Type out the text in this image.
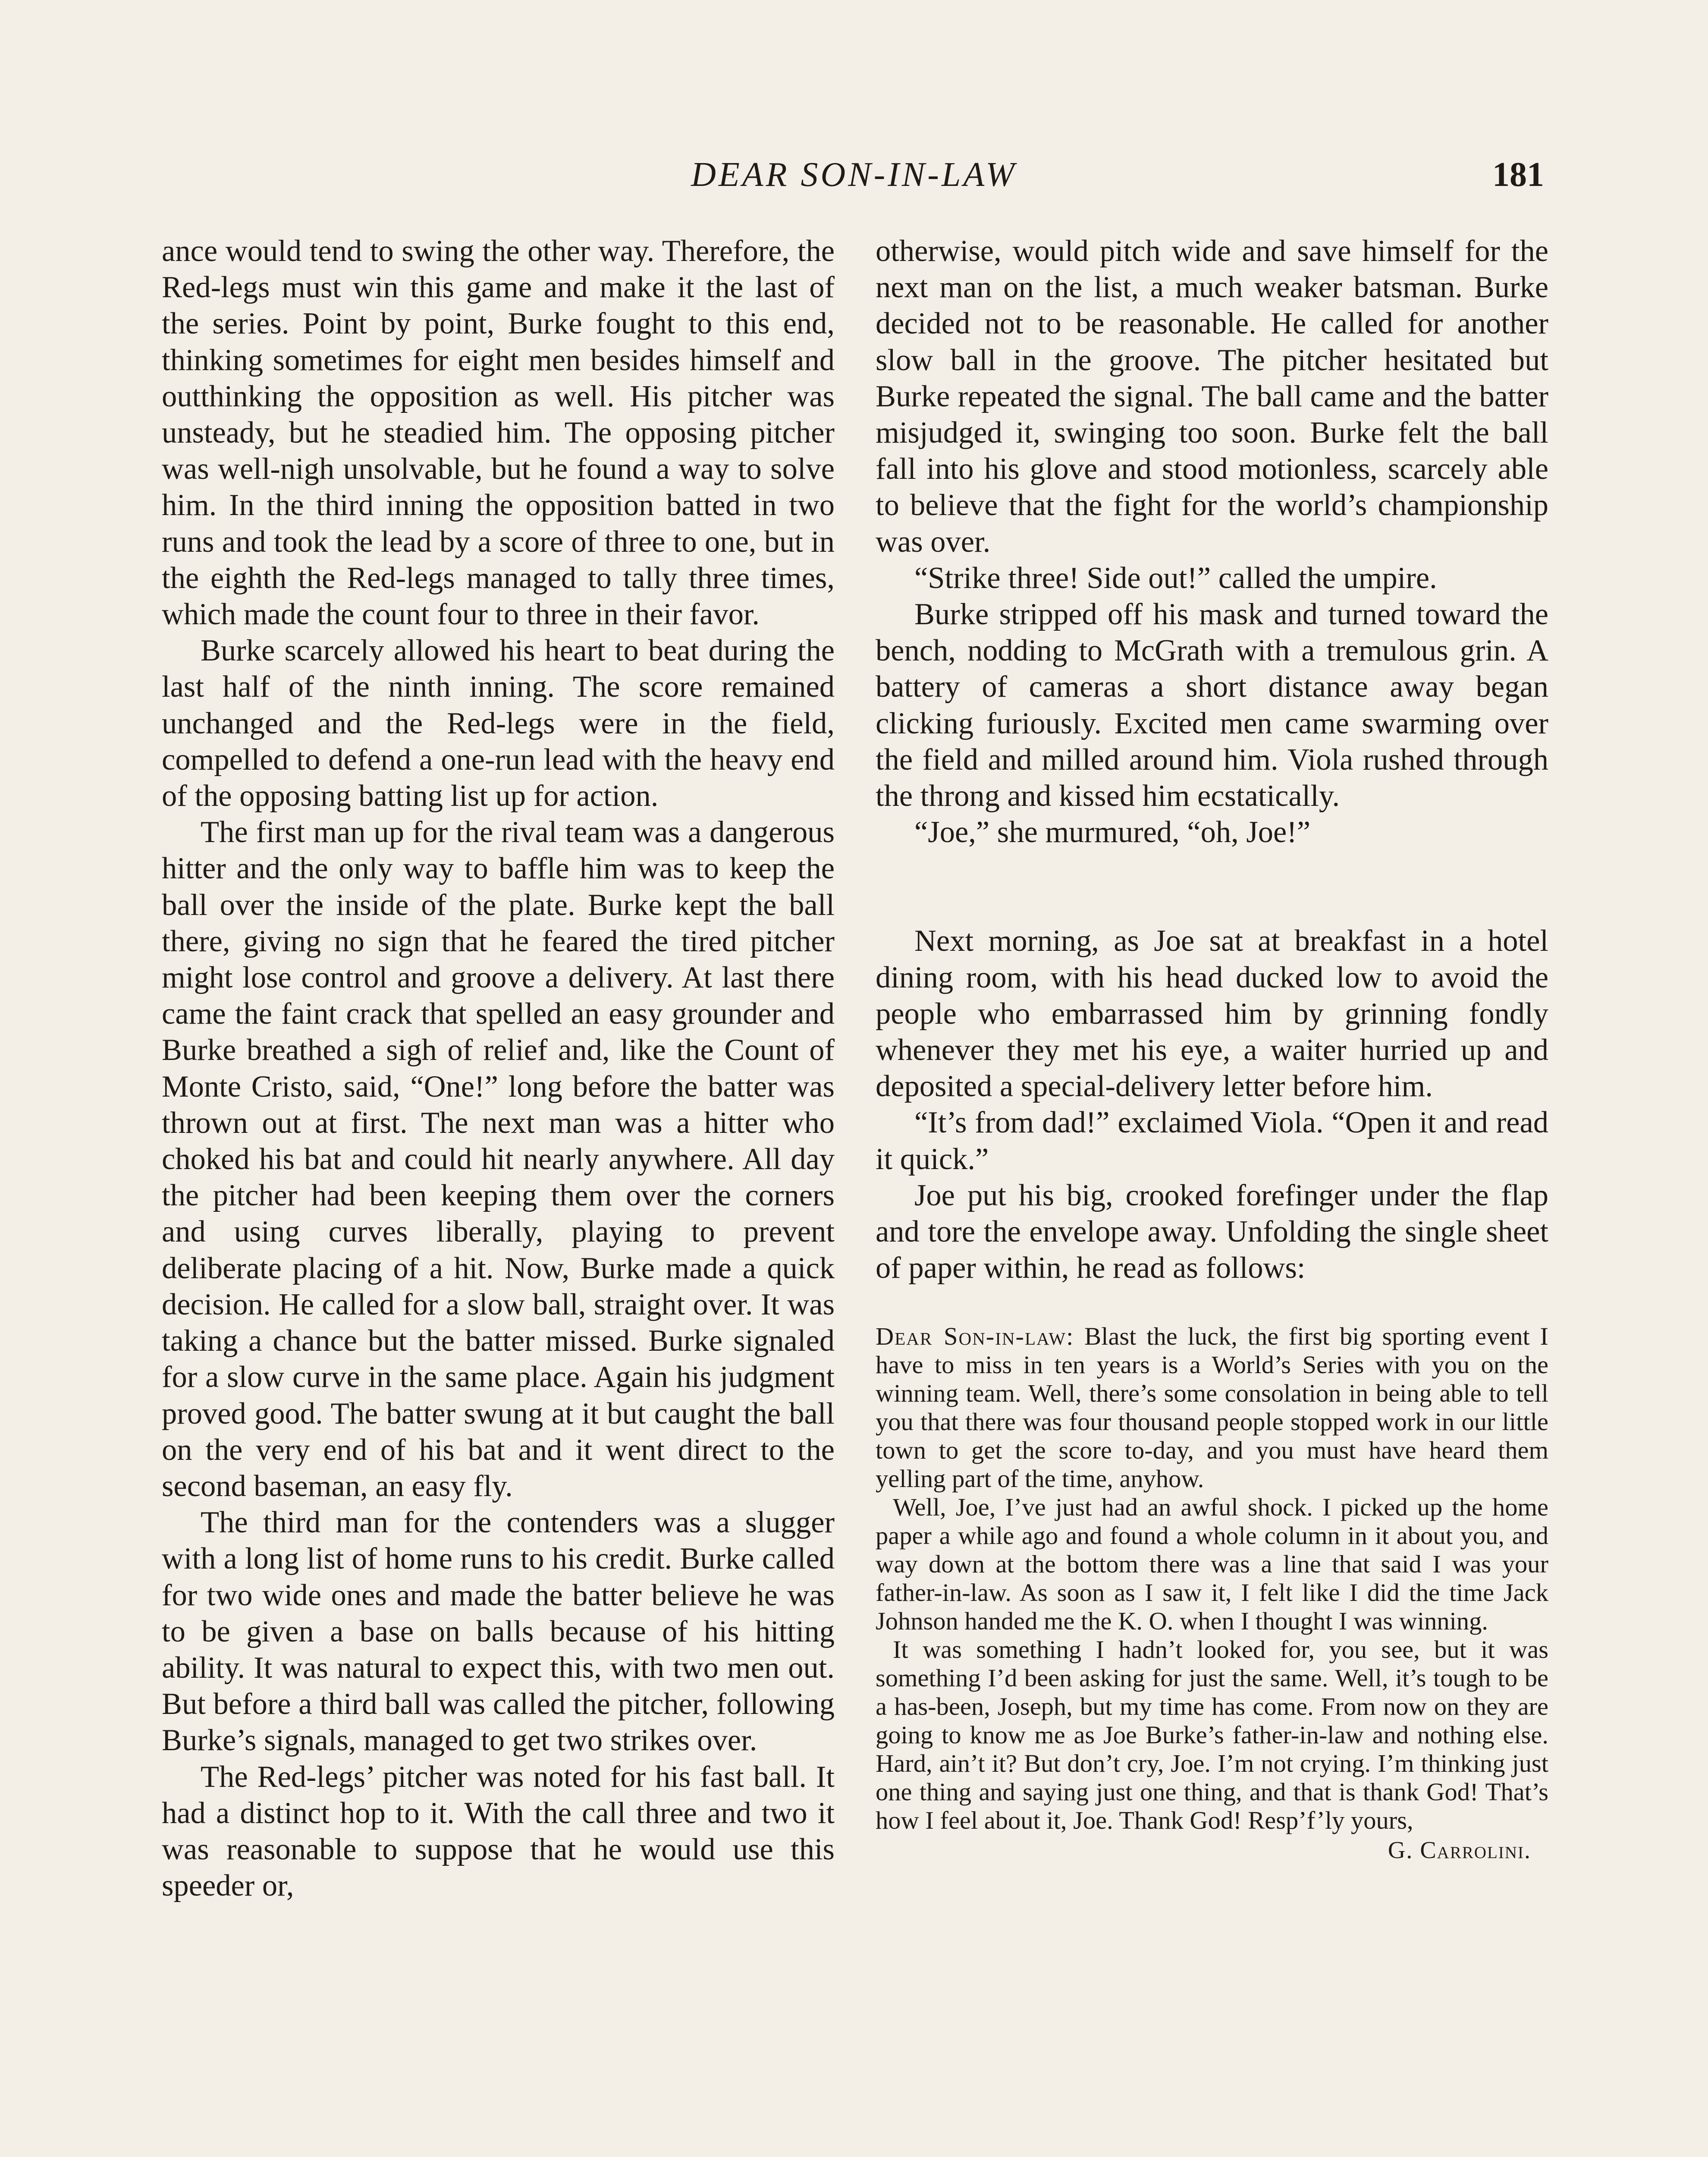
DEAR SON-IN-LAW	181

ance would tend to swing the other way. Therefore, the Red-legs must win this game and make it the last of the series. Point by point, Burke fought to this end, thinking sometimes for eight men besides himself and outthinking the opposition as well. His pitcher was unsteady, but he steadied him. The opposing pitcher was well-nigh unsolvable, but he found a way to solve him. In the third inning the opposition batted in two runs and took the lead by a score of three to one, but in the eighth the Red-legs managed to tally three times, which made the count four to three in their favor.

Burke scarcely allowed his heart to beat during the last half of the ninth inning. The score remained unchanged and the Red-legs were in the field, compelled to defend a one-run lead with the heavy end of the opposing batting list up for action.

The first man up for the rival team was a dangerous hitter and the only way to baffle him was to keep the ball over the inside of the plate. Burke kept the ball there, giving no sign that he feared the tired pitcher might lose control and groove a delivery. At last there came the faint crack that spelled an easy grounder and Burke breathed a sigh of relief and, like the Count of Monte Cristo, said, “One!” long before the batter was thrown out at first. The next man was a hitter who choked his bat and could hit nearly anywhere. All day the pitcher had been keeping them over the corners and using curves liberally, playing to prevent deliberate placing of a hit. Now, Burke made a quick decision. He called for a slow ball, straight over. It was taking a chance but the batter missed. Burke signaled for a slow curve in the same place. Again his judgment proved good. The batter swung at it but caught the ball on the very end of his bat and it went direct to the second baseman, an easy fly.

The third man for the contenders was a slugger with a long list of home runs to his credit. Burke called for two wide ones and made the batter believe he was to be given a base on balls because of his hitting ability. It was natural to expect this, with two men out. But before a third ball was called the pitcher, following Burke’s signals, managed to get two strikes over.

The Red-legs’ pitcher was noted for his fast ball. It had a distinct hop to it. With the call three and two it was reasonable to suppose that he would use this speeder or,

otherwise, would pitch wide and save himself for the next man on the list, a much weaker batsman. Burke decided not to be reasonable. He called for another slow ball in the groove. The pitcher hesitated but Burke repeated the signal. The ball came and the batter misjudged it, swinging too soon. Burke felt the ball fall into his glove and stood motionless, scarcely able to believe that the fight for the world’s championship was over.

“Strike three! Side out!” called the umpire.

Burke stripped off his mask and turned toward the bench, nodding to McGrath with a tremulous grin. A battery of cameras a short distance away began clicking furiously. Excited men came swarming over the field and milled around him. Viola rushed through the throng and kissed him ecstatically.

“Joe,” she murmured, “oh, Joe!”

Next morning, as Joe sat at breakfast in a hotel dining room, with his head ducked low to avoid the people who embarrassed him by grinning fondly whenever they met his eye, a waiter hurried up and deposited a special-delivery letter before him.

“It’s from dad!” exclaimed Viola. “Open it and read it quick.”

Joe put his big, crooked forefinger under the flap and tore the envelope away. Unfolding the single sheet of paper within, he read as follows:

Dear Son-in-law: Blast the luck, the first big sporting event I have to miss in ten years is a World’s Series with you on the winning team. Well, there’s some consolation in being able to tell you that there was four thousand people stopped work in our little town to get the score to-day, and you must have heard them yelling part of the time, anyhow.

Well, Joe, I’ve just had an awful shock. I picked up the home paper a while ago and found a whole column in it about you, and way down at the bottom there was a line that said I was your father-in-law. As soon as I saw it, I felt like I did the time Jack Johnson handed me the K. O. when I thought I was winning.

It was something I hadn’t looked for, you see, but it was something I’d been asking for just the same. Well, it’s tough to be a has-been, Joseph, but my time has come. From now on they are going to know me as Joe Burke’s father-in-law and nothing else. Hard, ain’t it? But don’t cry, Joe. I’m not crying. I’m thinking just one thing and saying just one thing, and that is thank God! That’s how I feel about it, Joe. Thank God! Resp’f’ly yours,

G. Carrolini.
